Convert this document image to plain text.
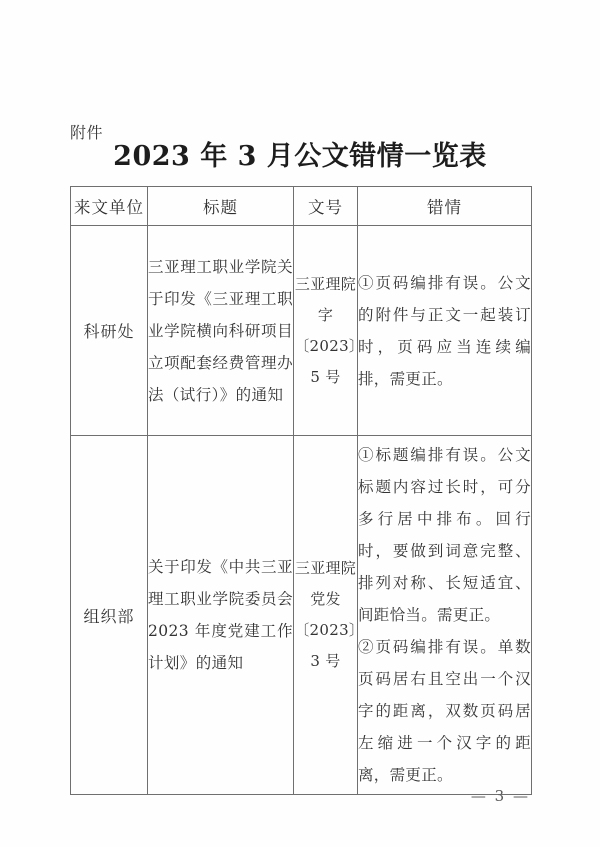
附件
2023 年 3 月公文错情一览表
来文单位	标题	文号	错情
科研处	三亚理工职业学院关于印发《三亚理工职业学院横向科研项目立项配套经费管理办法（试行）》的通知	三亚理院字〔2023〕5 号	①页码编排有误。公文的附件与正文一起装订时，页码应当连续编排，需更正。

组织部	关于印发《中共三亚理工职业学院委员会 2023 年度党建工作计划》的通知	三亚理院党发〔2023〕3 号	①标题编排有误。公文标题内容过长时，可分多行居中排布。回行时，要做到词意完整、排列对称、长短适宜、间距恰当。需更正。

②页码编排有误。单数页码居右且空出一个汉字的距离，双数页码居左缩进一个汉字的距离，需更正。

— 3 —
